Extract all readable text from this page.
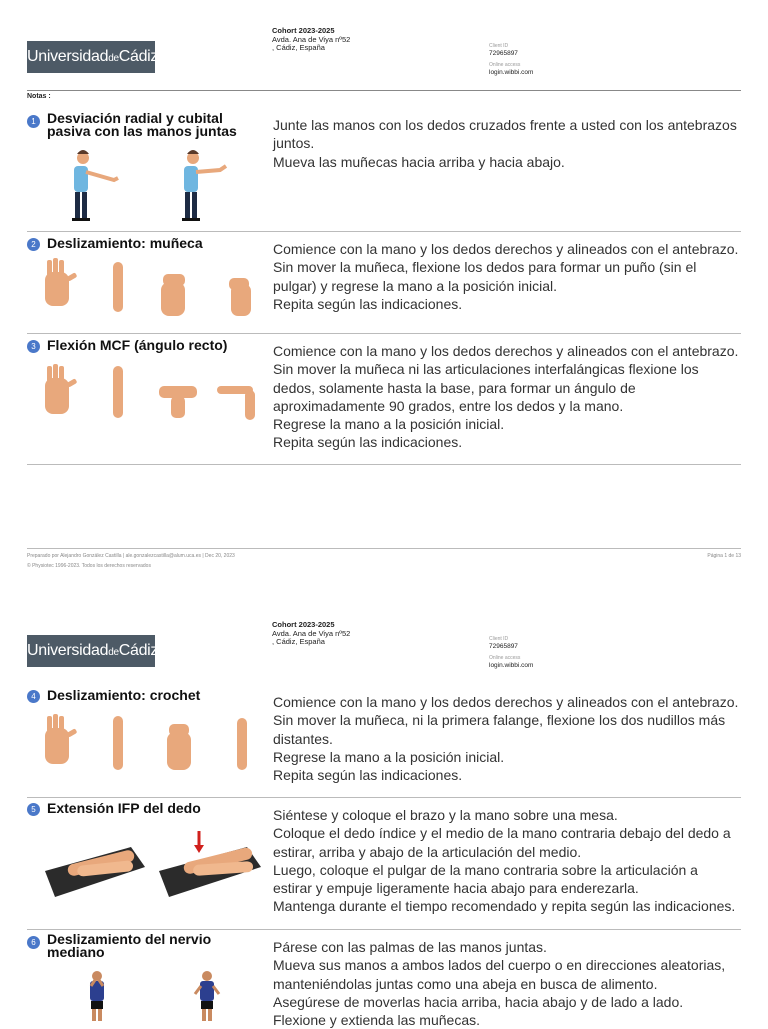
UniversidaddeCádiz
Cohort 2023-2025
Avda. Ana de Viya nº52
, Cádiz, España	Client ID
72965897
Online access
login.wibbi.com
Notas :
1 Desviación radial y cubital pasiva con las manos juntas	Junte las manos con los dedos cruzados frente a usted con los antebrazos
juntos.
Mueva las muñecas hacia arriba y hacia abajo.
2 Deslizamiento: muñeca	Comience con la mano y los dedos derechos y alineados con el antebrazo.
Sin mover la muñeca, flexione los dedos para formar un puño (sin el
pulgar) y regrese la mano a la posición inicial.
Repita según las indicaciones.
3 Flexión MCF (ángulo recto)	Comience con la mano y los dedos derechos y alineados con el antebrazo.
Sin mover la muñeca ni las articulaciones interfalángicas flexione los
dedos, solamente hasta la base, para formar un ángulo de
aproximadamente 90 grados, entre los dedos y la mano.
Regrese la mano a la posición inicial.
Repita según las indicaciones.
Preparado por Alejandro González Castilla | ale.gonzalezcastilla@alum.uca.es | Dec 20, 2023
© Physiotec 1996-2023. Todos los derechos reservados
Página 1 de 13
UniversidaddeCádiz
Cohort 2023-2025
Avda. Ana de Viya nº52
, Cádiz, España	Client ID
72965897
Online access
login.wibbi.com
4 Deslizamiento: crochet	Comience con la mano y los dedos derechos y alineados con el antebrazo.
Sin mover la muñeca, ni la primera falange, flexione los dos nudillos más
distantes.
Regrese la mano a la posición inicial.
Repita según las indicaciones.
5 Extensión IFP del dedo	Siéntese y coloque el brazo y la mano sobre una mesa.
Coloque el dedo índice y el medio de la mano contraria debajo del dedo a
estirar, arriba y abajo de la articulación del medio.
Luego, coloque el pulgar de la mano contraria sobre la articulación a
estirar y empuje ligeramente hacia abajo para enderezarla.
Mantenga durante el tiempo recomendado y repita según las indicaciones.
6 Deslizamiento del nervio mediano	Párese con las palmas de las manos juntas.
Mueva sus manos a ambos lados del cuerpo o en direcciones aleatorias,
manteniéndolas juntas como una abeja en busca de alimento.
Asegúrese de moverlas hacia arriba, hacia abajo y de lado a lado.
Flexione y extienda las muñecas.
